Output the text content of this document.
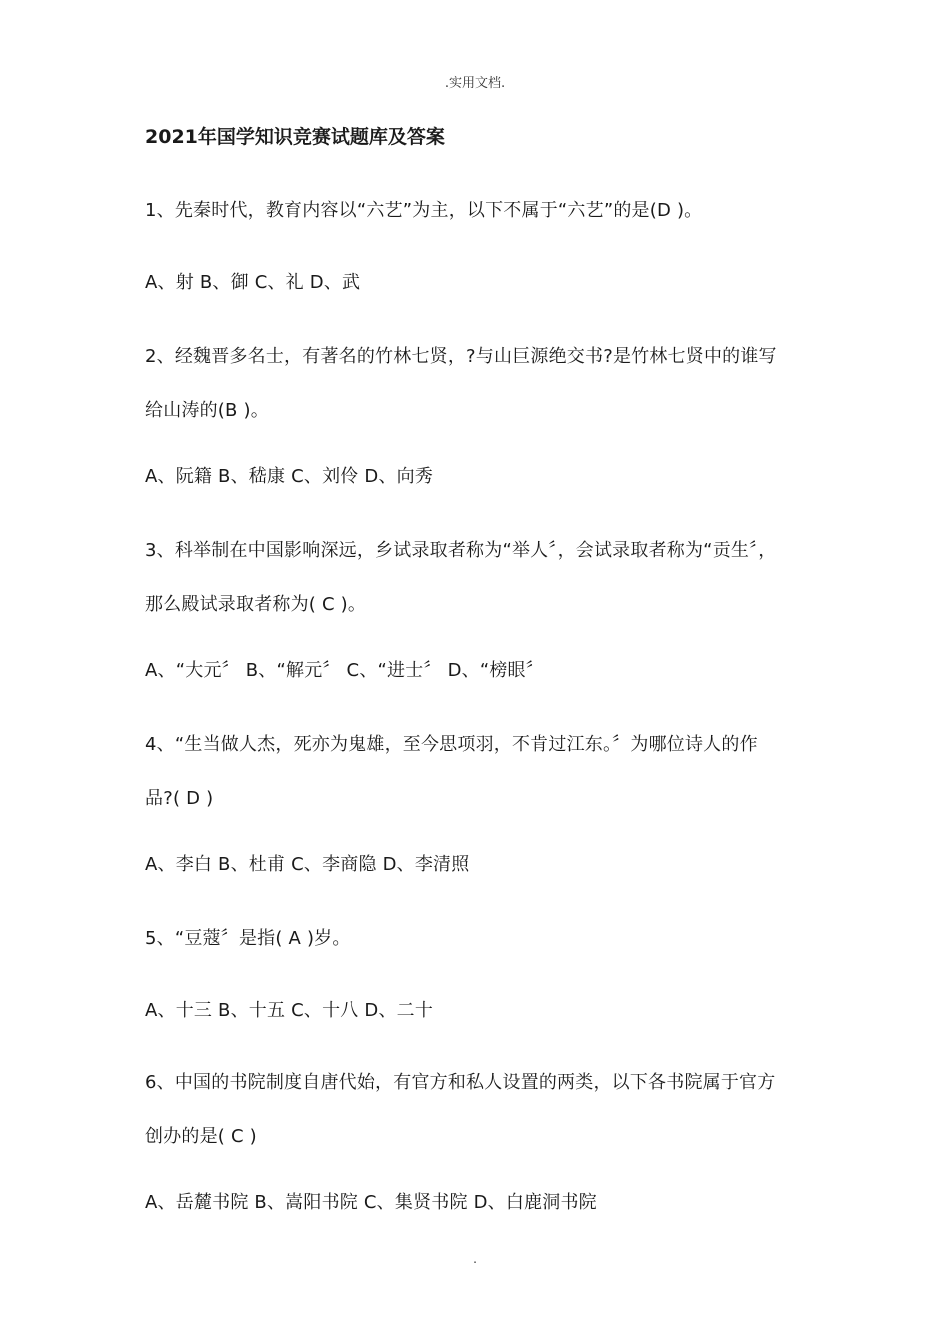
.实用文档.
2021年国学知识竞赛试题库及答案
1、先秦时代，教育内容以“六艺”为主，以下不属于“六艺”的是(D )。
A、射 B、御 C、礼 D、武
2、经魏晋多名士，有著名的竹林七贤，?与山巨源绝交书?是竹林七贤中的谁写
给山涛的(B )。
A、阮籍 B、嵇康 C、刘伶 D、向秀
3、科举制在中国影响深远，乡试录取者称为“举人〞，会试录取者称为“贡生〞，
那么殿试录取者称为( C )。
A、“大元〞 B、“解元〞 C、“进士〞 D、“榜眼〞
4、“生当做人杰，死亦为鬼雄，至今思项羽，不肯过江东。〞为哪位诗人的作
品?( D )
A、李白 B、杜甫 C、李商隐 D、李清照
5、“豆蔻〞是指( A )岁。
A、十三 B、十五 C、十八 D、二十
6、中国的书院制度自唐代始，有官方和私人设置的两类，以下各书院属于官方
创办的是( C )
A、岳麓书院 B、嵩阳书院 C、集贤书院 D、白鹿洞书院
.
